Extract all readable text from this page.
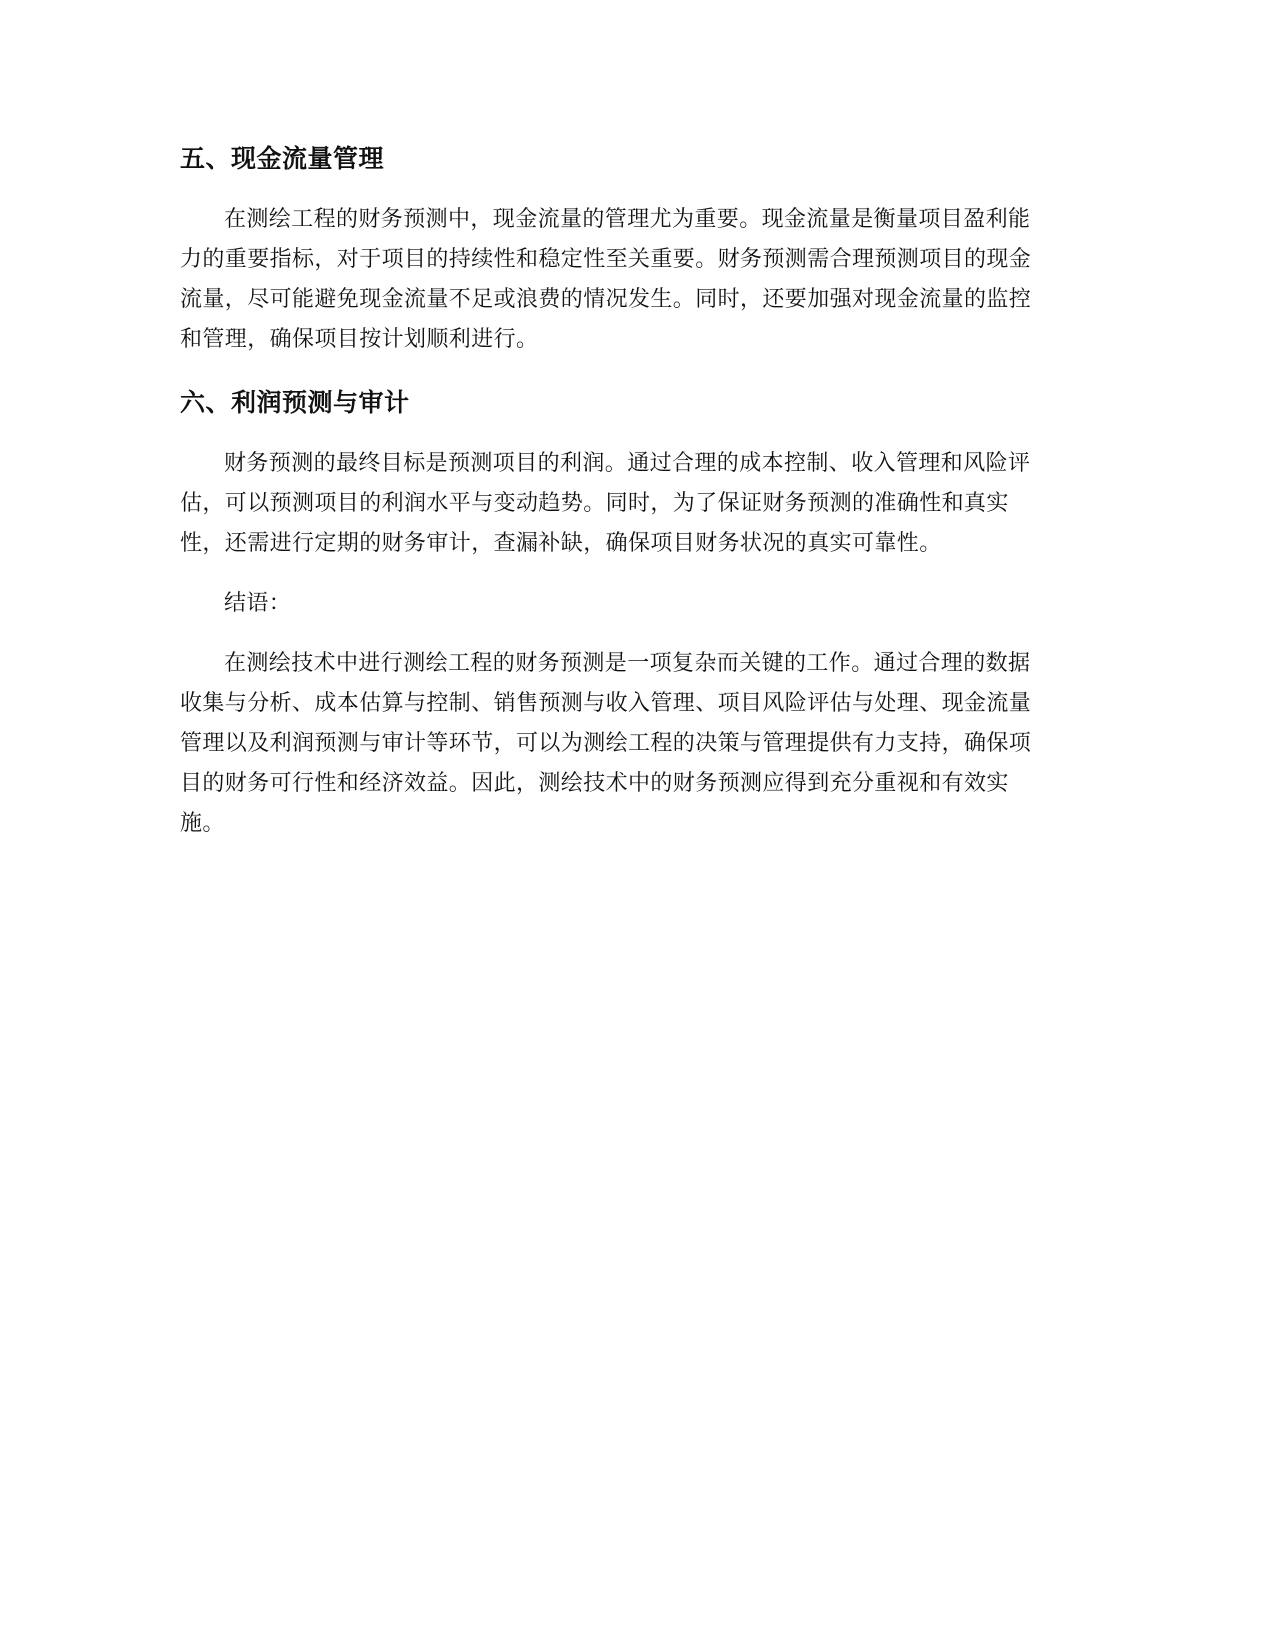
五、现金流量管理

在测绘工程的财务预测中，现金流量的管理尤为重要。现金流量是衡量项目盈利能力的重要指标，对于项目的持续性和稳定性至关重要。财务预测需合理预测项目的现金流量，尽可能避免现金流量不足或浪费的情况发生。同时，还要加强对现金流量的监控和管理，确保项目按计划顺利进行。

六、利润预测与审计

财务预测的最终目标是预测项目的利润。通过合理的成本控制、收入管理和风险评估，可以预测项目的利润水平与变动趋势。同时，为了保证财务预测的准确性和真实性，还需进行定期的财务审计，查漏补缺，确保项目财务状况的真实可靠性。

结语：

在测绘技术中进行测绘工程的财务预测是一项复杂而关键的工作。通过合理的数据收集与分析、成本估算与控制、销售预测与收入管理、项目风险评估与处理、现金流量管理以及利润预测与审计等环节，可以为测绘工程的决策与管理提供有力支持，确保项目的财务可行性和经济效益。因此，测绘技术中的财务预测应得到充分重视和有效实施。
